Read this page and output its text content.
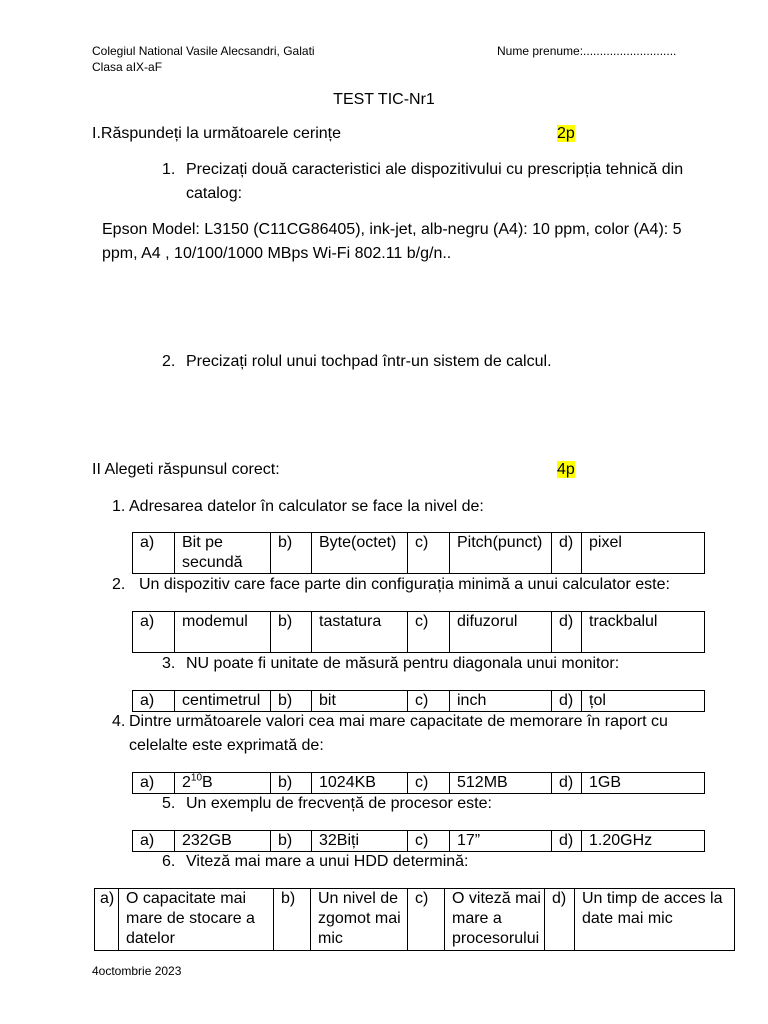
Colegiul National Vasile Alecsandri, Galati
Clasa aIX-aF
Nume prenume:............................
TEST TIC-Nr1
I.Răspundeți la următoarele cerințe	2p
1. Precizați două caracteristici ale dispozitivului cu prescripția tehnică din
catalog:
Epson Model: L3150 (C11CG86405), ink-jet, alb-negru (A4): 10 ppm, color (A4): 5
ppm, A4 , 10/100/1000 MBps Wi-Fi 802.11 b/g/n..
2. Precizați rolul unui tochpad într-un sistem de calcul.
II Alegeti răspunsul corect:	4p
1. Adresarea datelor în calculator se face la nivel de:
a)	Bit pe secundă	b)	Byte(octet)	c)	Pitch(punct)	d)	pixel
2. Un dispozitiv care face parte din configurația minimă a unui calculator este:
a)	modemul	b)	tastatura	c)	difuzorul	d)	trackbalul
3. NU poate fi unitate de măsură pentru diagonala unui monitor:
a)	centimetrul	b)	bit	c)	inch	d)	țol
4. Dintre următoarele valori cea mai mare capacitate de memorare în raport cu
celelalte este exprimată de:
a)	$2^{10}B$	b)	1024KB	c)	512MB	d)	1GB
5. Un exemplu de frecvență de procesor este:
a)	232GB	b)	32Biți	c)	17”	d)	1.20GHz
6. Viteză mai mare a unui HDD determină:
a)	O capacitate mai mare de stocare a datelor	b)	Un nivel de zgomot mai mic	c)	O viteză mai mare a procesorului	d)	Un timp de acces la date mai mic
4octombrie 2023
